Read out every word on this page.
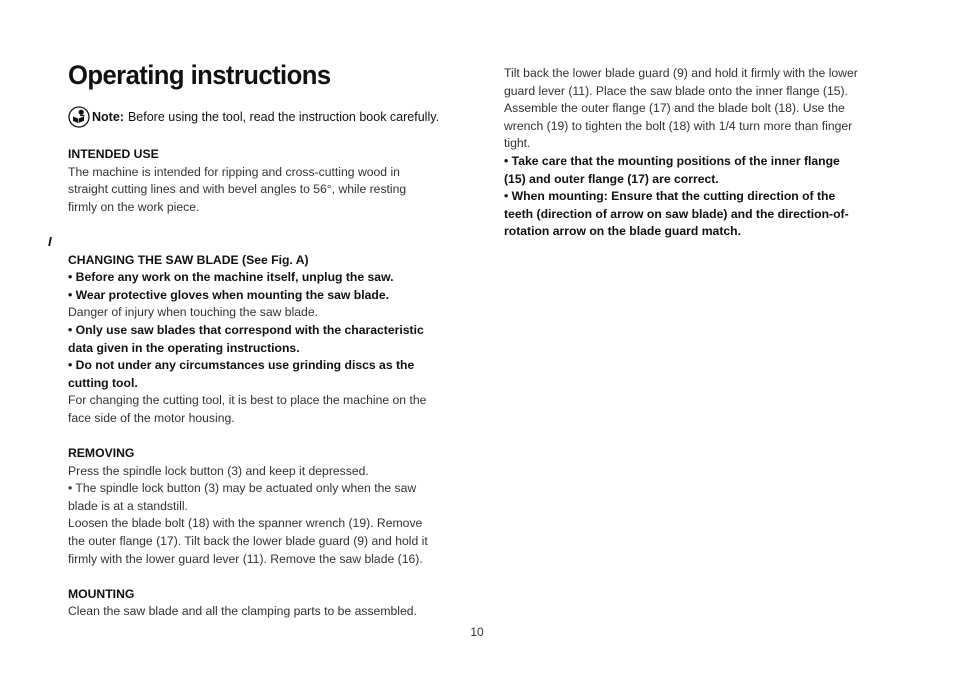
Operating instructions
Note: Before using the tool, read the instruction book carefully.
I

INTENDED USE

The machine is intended for ripping and cross-cutting wood in

straight cutting lines and with bevel angles to 56°, while resting

firmly on the work piece.

CHANGING THE SAW BLADE (See Fig. A)

• Before any work on the machine itself, unplug the saw.

• Wear protective gloves when mounting the saw blade.

Danger of injury when touching the saw blade.

• Only use saw blades that correspond with the characteristic

data given in the operating instructions.

• Do not under any circumstances use grinding discs as the

cutting tool.

For changing the cutting tool, it is best to place the machine on the

face side of the motor housing.

REMOVING

Press the spindle lock button (3) and keep it depressed.

• The spindle lock button (3) may be actuated only when the saw

blade is at a standstill.

Loosen the blade bolt (18) with the spanner wrench (19). Remove

the outer flange (17). Tilt back the lower blade guard (9) and hold it

firmly with the lower guard lever (11). Remove the saw blade (16).

MOUNTING

Clean the saw blade and all the clamping parts to be assembled.

Tilt back the lower blade guard (9) and hold it firmly with the lower

guard lever (11). Place the saw blade onto the inner flange (15).

Assemble the outer flange (17) and the blade bolt (18). Use the

wrench (19) to tighten the bolt (18) with 1/4 turn more than finger

tight.

• Take care that the mounting positions of the inner flange

(15) and outer flange (17) are correct.

• When mounting: Ensure that the cutting direction of the

teeth (direction of arrow on saw blade) and the direction-of-

rotation arrow on the blade guard match.

10
